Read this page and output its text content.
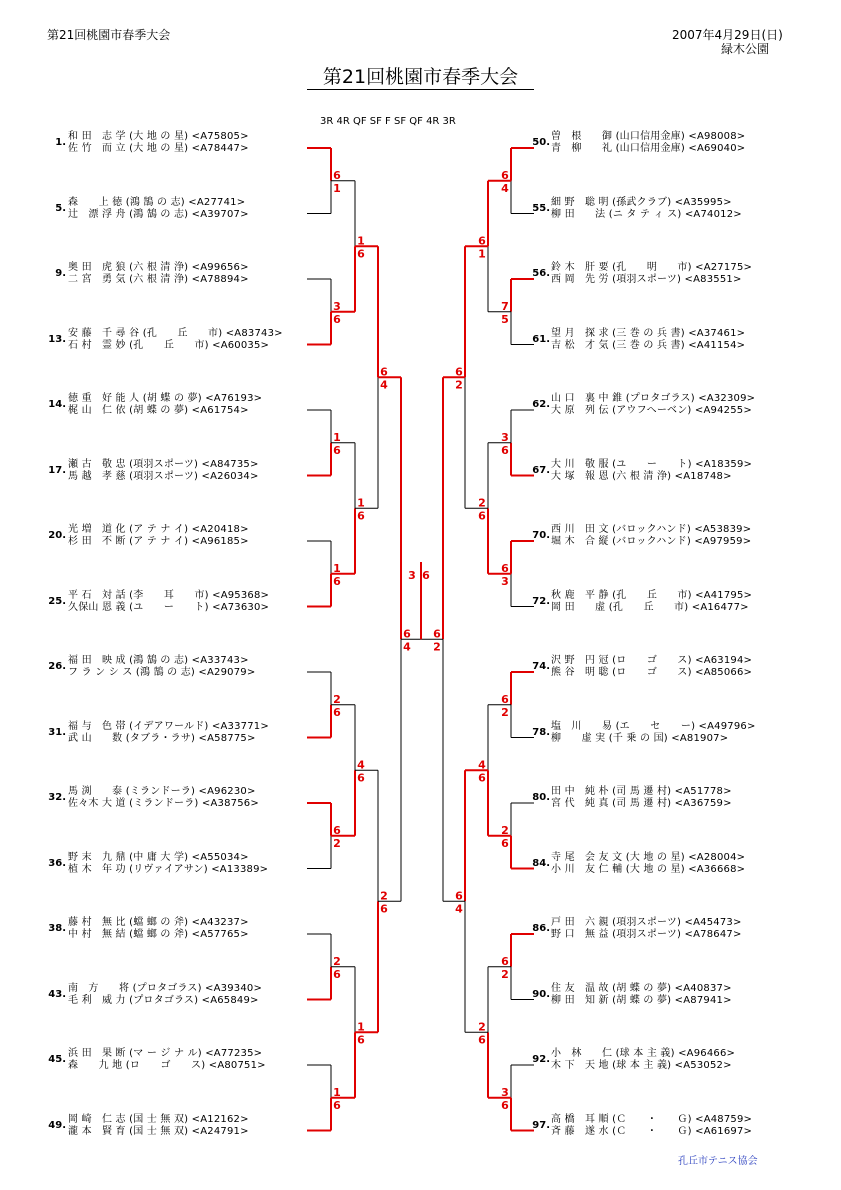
第21回桃園市春季大会	2007年4月29日(日)
緑木公園
第21回桃園市春季大会
3R 4R QF SF F SF QF 4R 3R
1.
和 田　志 学 (大 地 の 星) <A75805>
佐 竹　而 立 (大 地 の 星) <A78447>
5.
森　　上 徳 (鴻 鵠 の 志) <A27741>
辻　漂 浮 舟 (鴻 鵠 の 志) <A39707>
9.
奥 田　虎 狼 (六 根 清 浄) <A99656>
二 宮　勇 気 (六 根 清 浄) <A78894>
13.
安 藤　千 尋 谷 (孔　　丘　　市) <A83743>
石 村　霊 妙 (孔　　丘　　市) <A60035>
14.
徳 重　好 能 人 (胡 蝶 の 夢) <A76193>
梶 山　仁 依 (胡 蝶 の 夢) <A61754>
17.
瀬 古　敬 忠 (項羽スポーツ) <A84735>
馬 越　孝 慈 (項羽スポーツ) <A26034>
20.
光 増　道 化 (ア テ ナ イ) <A20418>
杉 田　不 断 (ア テ ナ イ) <A96185>
25.
平 石　対 話 (李　　耳　　市) <A95368>
久保山 恩 義 (ユ　　ー　　ト) <A73630>
26.
福 田　映 成 (鴻 鵠 の 志) <A33743>
フ ラ ン シ ス (鴻 鵠 の 志) <A29079>
31.
福 与　色 帯 (イデアワールド) <A33771>
武 山　　数 (タブラ・ラサ) <A58775>
32.
馬 渕　　泰 (ミランドーラ) <A96230>
佐々木 大 道 (ミランドーラ) <A38756>
36.
野 末　九 鼎 (中 庸 大 学) <A55034>
植 木　年 功 (リヴァイアサン) <A13389>
38.
藤 村　無 比 (蟷 螂 の 斧) <A43237>
中 村　無 結 (蟷 螂 の 斧) <A57765>
43.
南　方　　将 (プロタゴラス) <A39340>
毛 利　威 力 (プロタゴラス) <A65849>
45.
浜 田　果 断 (マ ー ジ ナ ル) <A77235>
森　　九 地 (ロ　　ゴ　　ス) <A80751>
49.
岡 崎　仁 志 (国 士 無 双) <A12162>
瀧 本　賢 育 (国 士 無 双) <A24791>
50.
曽　根　　御 (山口信用金庫) <A98008>
青　柳　　礼 (山口信用金庫) <A69040>
55.
細 野　聡 明 (孫武クラブ) <A35995>
柳 田　　法 (ニ タ テ ィ ス) <A74012>
56.
鈴 木　肝 要 (孔　　明　　市) <A27175>
西 岡　先 労 (項羽スポーツ) <A83551>
61.
望 月　探 求 (三 巻 の 兵 書) <A37461>
吉 松　才 気 (三 巻 の 兵 書) <A41154>
62.
山 口　裏 中 錐 (プロタゴラス) <A32309>
大 原　列 伝 (アウフへーベン) <A94255>
67.
大 川　敬 服 (ユ　　ー　　ト) <A18359>
大 塚　報 恩 (六 根 清 浄) <A18748>
70.
西 川　田 文 (バロックハンド) <A53839>
堀 木　合 縦 (バロックハンド) <A97959>
72.
秋 鹿　平 静 (孔　　丘　　市) <A41795>
岡 田　　虚 (孔　　丘　　市) <A16477>
74.
沢 野　円 冠 (ロ　　ゴ　　ス) <A63194>
熊 谷　明 聡 (ロ　　ゴ　　ス) <A85066>
78.
塩　川　　易 (エ　　セ　　ー) <A49796>
柳　　虚 実 (千 乗 の 国) <A81907>
80.
田 中　純 朴 (司 馬 遷 村) <A51778>
宮 代　純 真 (司 馬 遷 村) <A36759>
84.
寺 尾　会 友 文 (大 地 の 星) <A28004>
小 川　友 仁 輔 (大 地 の 星) <A36668>
86.
戸 田　六 親 (項羽スポーツ) <A45473>
野 口　無 益 (項羽スポーツ) <A78647>
90.
住 友　温 故 (胡 蝶 の 夢) <A40837>
柳 田　知 新 (胡 蝶 の 夢) <A87941>
92.
小　林　　仁 (球 本 主 義) <A96466>
木 下　天 地 (球 本 主 義) <A53052>
97.
高 橋　耳 順 (Ｃ　　・　　Ｇ) <A48759>
斉 藤　遂 水 (Ｃ　　・　　Ｇ) <A61697>
6
1
3
6
1
6
1
6
2
6
6
2
2
6
1
6
1
6
1
6
4
6
1
6
6
4
2
6
6
4
6
4
7
5
3
6
6
3
6
2
2
6
6
2
3
6
6
1
2
6
4
6
2
6
6
2
6
4
6
2
3 6
孔丘市テニス協会
